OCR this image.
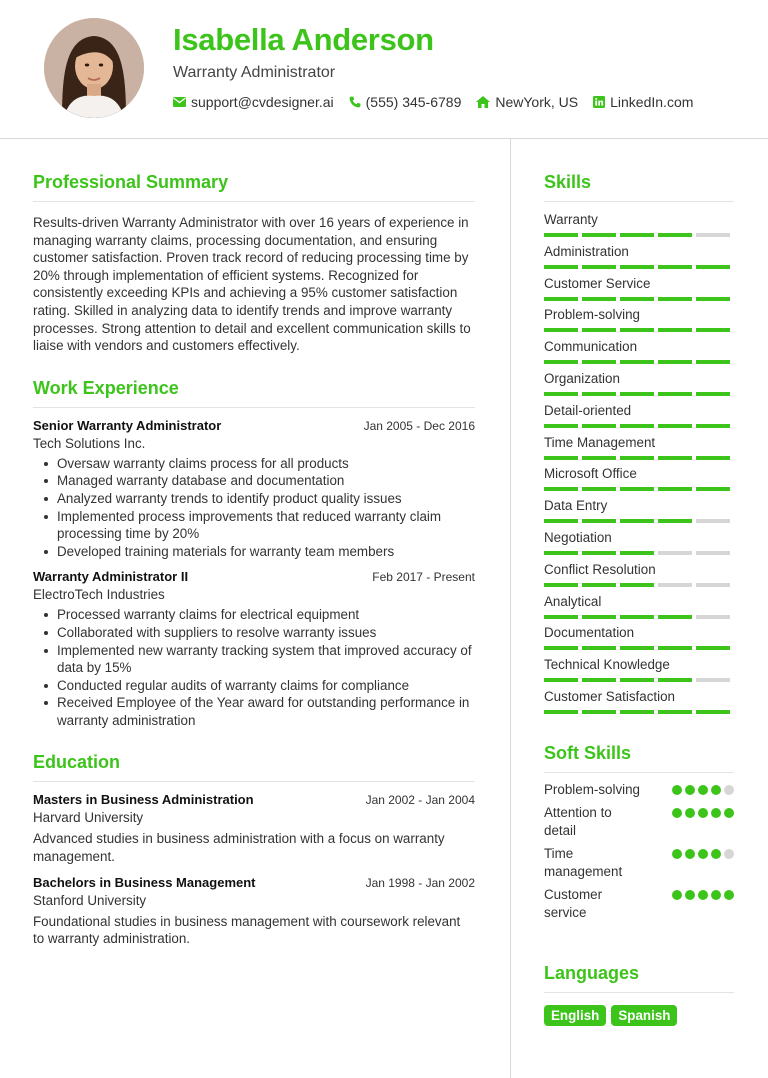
Isabella Anderson
Warranty Administrator
support@cvdesigner.ai (555) 345-6789 NewYork, US LinkedIn.com
Professional Summary
Results-driven Warranty Administrator with over 16 years of experience in managing warranty claims, processing documentation, and ensuring customer satisfaction. Proven track record of reducing processing time by 20% through implementation of efficient systems. Recognized for consistently exceeding KPIs and achieving a 95% customer satisfaction rating. Skilled in analyzing data to identify trends and improve warranty processes. Strong attention to detail and excellent communication skills to liaise with vendors and customers effectively.
Work Experience
Senior Warranty Administrator	Jan 2005 - Dec 2016
Tech Solutions Inc.
Oversaw warranty claims process for all products
Managed warranty database and documentation
Analyzed warranty trends to identify product quality issues
Implemented process improvements that reduced warranty claim processing time by 20%
Developed training materials for warranty team members
Warranty Administrator II	Feb 2017 - Present
ElectroTech Industries
Processed warranty claims for electrical equipment
Collaborated with suppliers to resolve warranty issues
Implemented new warranty tracking system that improved accuracy of data by 15%
Conducted regular audits of warranty claims for compliance
Received Employee of the Year award for outstanding performance in warranty administration
Education
Masters in Business Administration	Jan 2002 - Jan 2004
Harvard University
Advanced studies in business administration with a focus on warranty management.
Bachelors in Business Management	Jan 1998 - Jan 2002
Stanford University
Foundational studies in business management with coursework relevant to warranty administration.
Skills
Warranty
Administration
Customer Service
Problem-solving
Communication
Organization
Detail-oriented
Time Management
Microsoft Office
Data Entry
Negotiation
Conflict Resolution
Analytical
Documentation
Technical Knowledge
Customer Satisfaction
Soft Skills
Problem-solving
Attention to detail
Time management
Customer service
Languages
English	Spanish
